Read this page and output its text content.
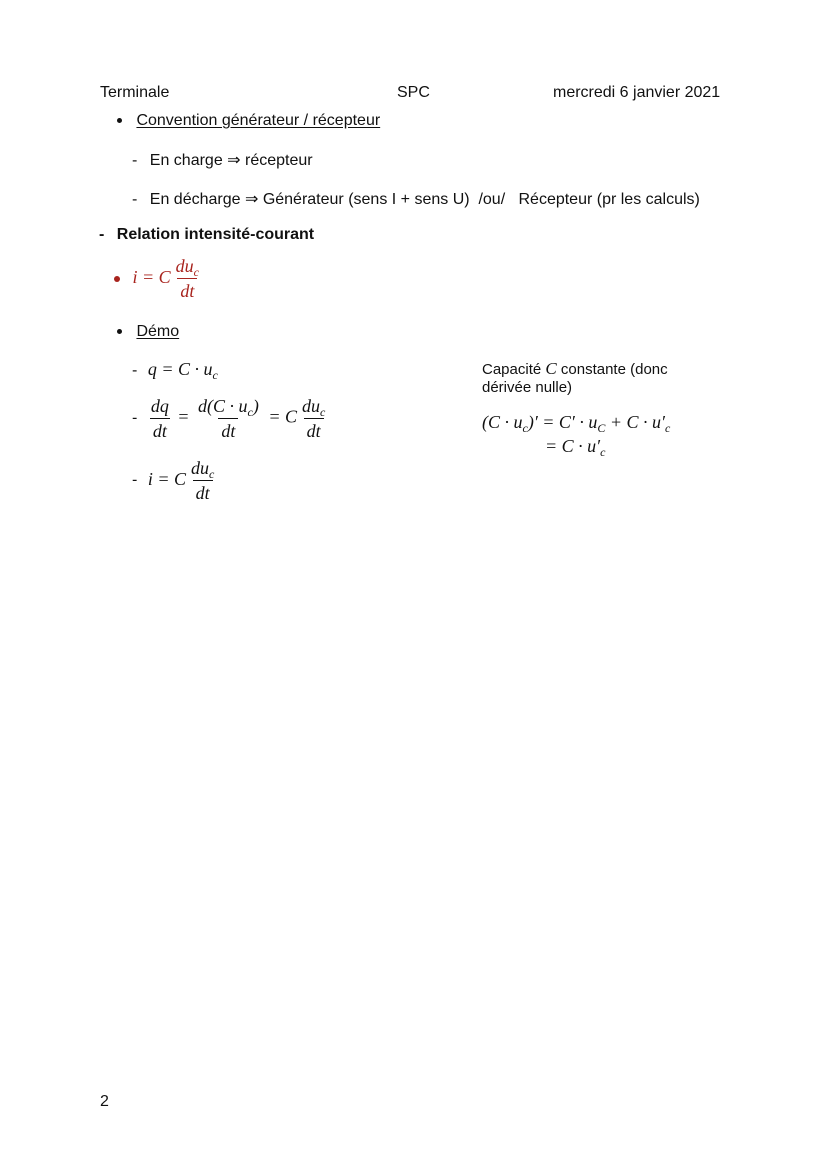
Terminale	SPC	mercredi 6 janvier 2021
Convention générateur / récepteur
- En charge ⇒ récepteur
- En décharge ⇒ Générateur (sens I + sens U)  /ou/   Récepteur (pr les calculs)
- Relation intensité-courant
i = C $\frac{du_c}{dt}$
Démo
- $q = C \cdot u_c$
- $\frac{dq}{dt} = \frac{d(C \cdot u_c)}{dt} = C \frac{du_c}{dt}$
- i = C $\frac{du_c}{dt}$
Capacité C constante (donc dérivée nulle)
$(C \cdot u_c)' = C' \cdot u_C + C \cdot u'_c$
= $C \cdot u'_c$
2
